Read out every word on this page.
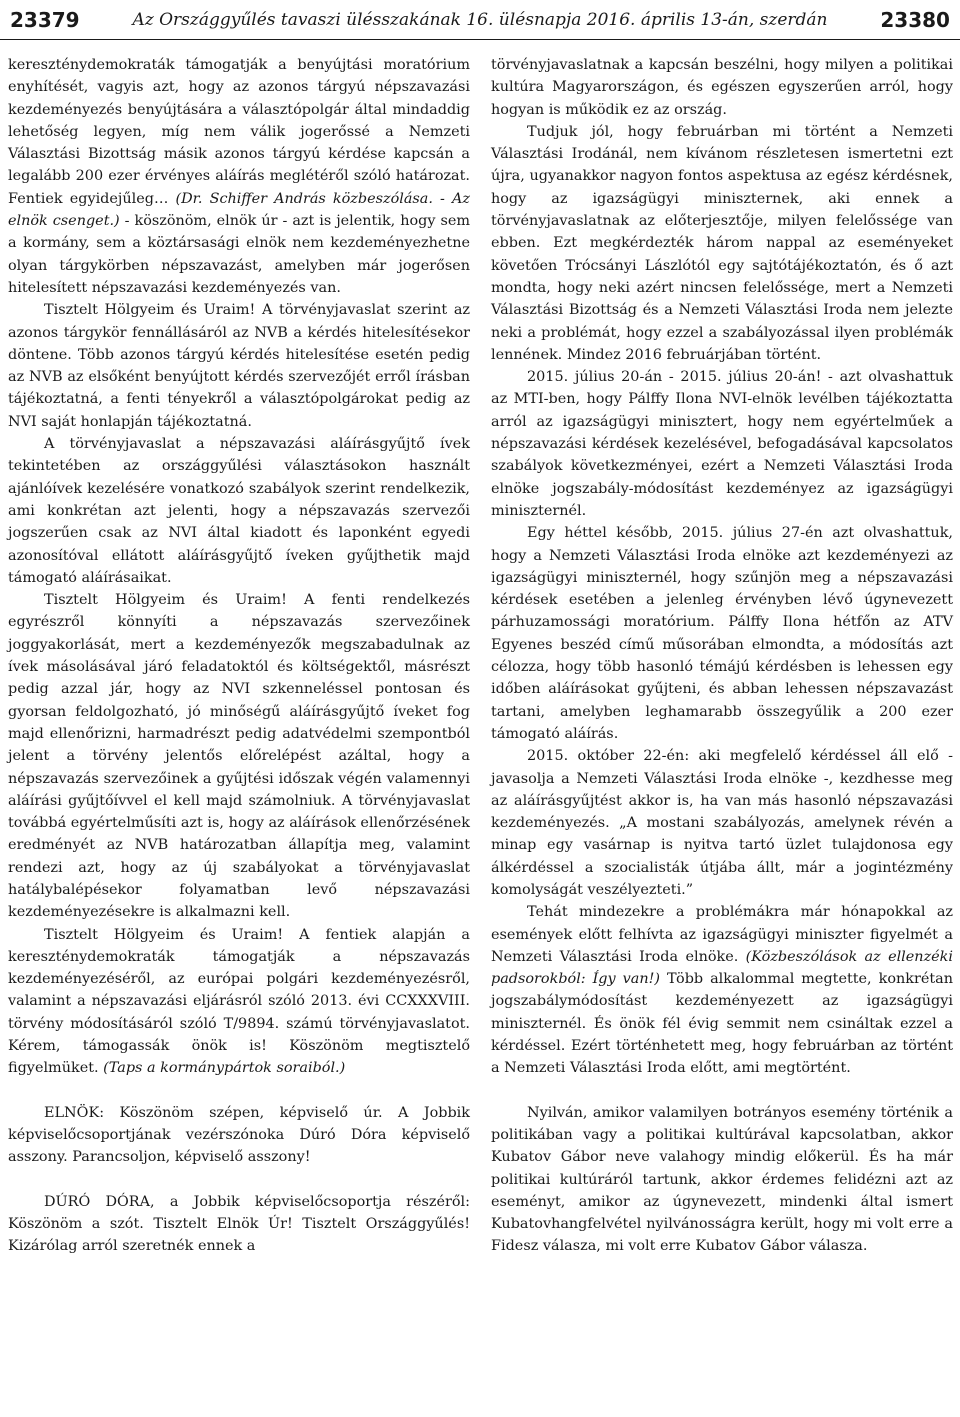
23379	Az Országgyűlés tavaszi ülésszakának 16. ülésnapja 2016. április 13-án, szerdán	23380

kereszténydemokraták támogatják a benyújtási moratórium enyhítését, vagyis azt, hogy az azonos tárgyú népszavazási kezdeményezés benyújtására a választópolgár által mindaddig lehetőség legyen, míg nem válik jogerőssé a Nemzeti Választási Bizottság másik azonos tárgyú kérdése kapcsán a legalább 200 ezer érvényes aláírás meglétéről szóló határozat. Fentiek egyidejűleg… (Dr. Schiffer András közbeszólása. - Az elnök csenget.) - köszönöm, elnök úr - azt is jelentik, hogy sem a kormány, sem a köztársasági elnök nem kezdeményezhetne olyan tárgykörben népszavazást, amelyben már jogerősen hitelesített népszavazási kezdeményezés van.

Tisztelt Hölgyeim és Uraim! A törvényjavaslat szerint az azonos tárgykör fennállásáról az NVB a kérdés hitelesítésekor döntene. Több azonos tárgyú kérdés hitelesítése esetén pedig az NVB az elsőként benyújtott kérdés szervezőjét erről írásban tájékoztatná, a fenti tényekről a választópolgárokat pedig az NVI saját honlapján tájékoztatná.

A törvényjavaslat a népszavazási aláírásgyűjtő ívek tekintetében az országgyűlési választásokon használt ajánlóívek kezelésére vonatkozó szabályok szerint rendelkezik, ami konkrétan azt jelenti, hogy a népszavazás szervezői jogszerűen csak az NVI által kiadott és laponként egyedi azonosítóval ellátott aláírásgyűjtő íveken gyűjthetik majd támogató aláírásaikat.

Tisztelt Hölgyeim és Uraim! A fenti rendelkezés egyrészről könnyíti a népszavazás szervezőinek joggyakorlását, mert a kezdeményezők megszabadulnak az ívek másolásával járó feladatoktól és költségektől, másrészt pedig azzal jár, hogy az NVI szkenneléssel pontosan és gyorsan feldolgozható, jó minőségű aláírásgyűjtő íveket fog majd ellenőrizni, harmadrészt pedig adatvédelmi szempontból jelent a törvény jelentős előrelépést azáltal, hogy a népszavazás szervezőinek a gyűjtési időszak végén valamennyi aláírási gyűjtőívvel el kell majd számolniuk. A törvényjavaslat továbbá egyértelműsíti azt is, hogy az aláírások ellenőrzésének eredményét az NVB határozatban állapítja meg, valamint rendezi azt, hogy az új szabályokat a törvényjavaslat hatálybalépésekor folyamatban levő népszavazási kezdeményezésekre is alkalmazni kell.

Tisztelt Hölgyeim és Uraim! A fentiek alapján a kereszténydemokraták támogatják a népszavazás kezdeményezéséről, az európai polgári kezdeményezésről, valamint a népszavazási eljárásról szóló 2013. évi CCXXXVIII. törvény módosításáról szóló T/9894. számú törvényjavaslatot. Kérem, támogassák önök is! Köszönöm megtisztelő figyelmüket. (Taps a kormánypártok soraiból.)

ELNÖK: Köszönöm szépen, képviselő úr. A Jobbik képviselőcsoportjának vezérszónoka Dúró Dóra képviselő asszony. Parancsoljon, képviselő asszony!

DÚRÓ DÓRA, a Jobbik képviselőcsoportja részéről: Köszönöm a szót. Tisztelt Elnök Úr! Tisztelt Országgyűlés! Kizárólag arról szeretnék ennek a

törvényjavaslatnak a kapcsán beszélni, hogy milyen a politikai kultúra Magyarországon, és egészen egyszerűen arról, hogy hogyan is működik ez az ország.

Tudjuk jól, hogy februárban mi történt a Nemzeti Választási Irodánál, nem kívánom részletesen ismertetni ezt újra, ugyanakkor nagyon fontos aspektusa az egész kérdésnek, hogy az igazságügyi miniszternek, aki ennek a törvényjavaslatnak az előterjesztője, milyen felelőssége van ebben. Ezt megkérdezték három nappal az eseményeket követően Trócsányi Lászlótól egy sajtótájékoztatón, és ő azt mondta, hogy neki azért nincsen felelőssége, mert a Nemzeti Választási Bizottság és a Nemzeti Választási Iroda nem jelezte neki a problémát, hogy ezzel a szabályozással ilyen problémák lennének. Mindez 2016 februárjában történt.

2015. július 20-án - 2015. július 20-án! - azt olvashattuk az MTI-ben, hogy Pálffy Ilona NVI-elnök levélben tájékoztatta arról az igazságügyi minisztert, hogy nem egyértelműek a népszavazási kérdések kezelésével, befogadásával kapcsolatos szabályok következményei, ezért a Nemzeti Választási Iroda elnöke jogszabály-módosítást kezdeményez az igazságügyi miniszternél.

Egy héttel később, 2015. július 27-én azt olvashattuk, hogy a Nemzeti Választási Iroda elnöke azt kezdeményezi az igazságügyi miniszternél, hogy szűnjön meg a népszavazási kérdések esetében a jelenleg érvényben lévő úgynevezett párhuzamossági moratórium. Pálffy Ilona hétfőn az ATV Egyenes beszéd című műsorában elmondta, a módosítás azt célozza, hogy több hasonló témájú kérdésben is lehessen egy időben aláírásokat gyűjteni, és abban lehessen népszavazást tartani, amelyben leghamarabb összegyűlik a 200 ezer támogató aláírás.

2015. október 22-én: aki megfelelő kérdéssel áll elő - javasolja a Nemzeti Választási Iroda elnöke -, kezdhesse meg az aláírásgyűjtést akkor is, ha van más hasonló népszavazási kezdeményezés. „A mostani szabályozás, amelynek révén a minap egy vasárnap is nyitva tartó üzlet tulajdonosa egy álkérdéssel a szocialisták útjába állt, már a jogintézmény komolyságát veszélyezteti.”

Tehát mindezekre a problémákra már hónapokkal az események előtt felhívta az igazságügyi miniszter figyelmét a Nemzeti Választási Iroda elnöke. (Közbeszólások az ellenzéki padsorokból: Így van!) Több alkalommal megtette, konkrétan jogszabálymódosítást kezdeményezett az igazságügyi miniszternél. És önök fél évig semmit nem csináltak ezzel a kérdéssel. Ezért történhetett meg, hogy februárban az történt a Nemzeti Választási Iroda előtt, ami megtörtént.

Nyilván, amikor valamilyen botrányos esemény történik a politikában vagy a politikai kultúrával kapcsolatban, akkor Kubatov Gábor neve valahogy mindig előkerül. És ha már politikai kultúráról tartunk, akkor érdemes felidézni azt az eseményt, amikor az úgynevezett, mindenki által ismert Kubatovhangfelvétel nyilvánosságra került, hogy mi volt erre a Fidesz válasza, mi volt erre Kubatov Gábor válasza.
